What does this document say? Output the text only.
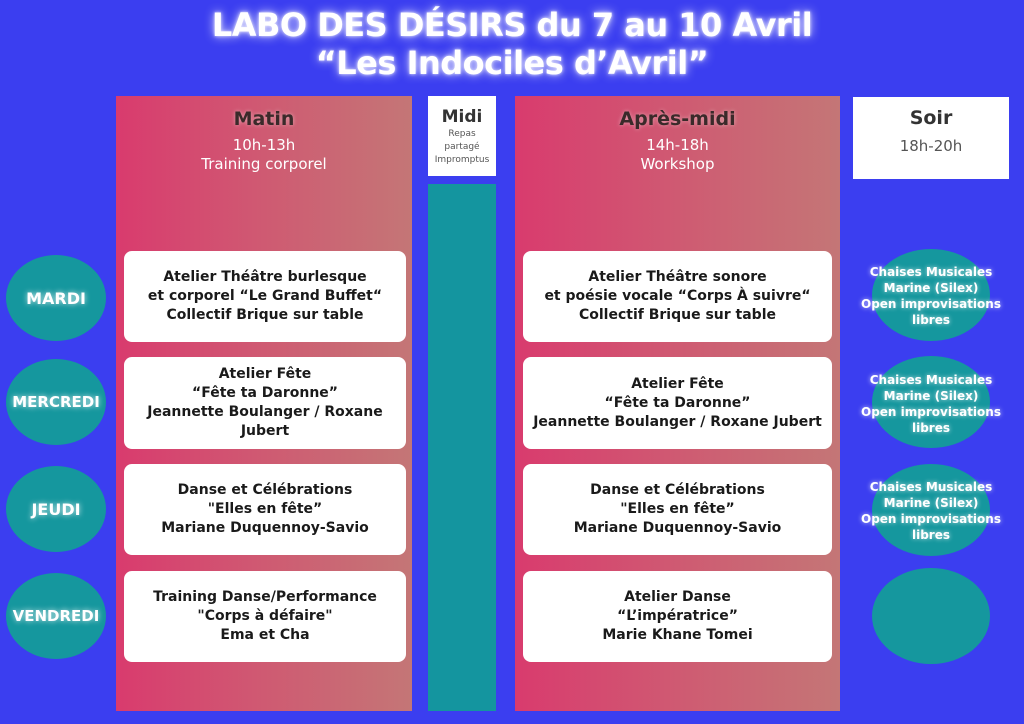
LABO DES DÉSIRS du 7 au 10 Avril
“Les Indociles d’Avril”
Matin
10h-13h
Training corporel
Midi
Repas
partagé
Impromptus
Après-midi
14h-18h
Workshop
Soir
18h-20h
MARDI
MERCREDI
JEUDI
VENDREDI
Atelier Théâtre burlesque
et corporel “Le Grand Buffet“
Collectif Brique sur table
Atelier Fête
“Fête ta Daronne”
Jeannette Boulanger / Roxane
Jubert
Danse et Célébrations
"Elles en fête”
Mariane Duquennoy-Savio
Training Danse/Performance
"Corps à défaire"
Ema et Cha
Atelier Théâtre sonore
et poésie vocale “Corps À suivre“
Collectif Brique sur table
Atelier Fête
“Fête ta Daronne”
Jeannette Boulanger / Roxane Jubert
Danse et Célébrations
"Elles en fête”
Mariane Duquennoy-Savio
Atelier Danse
“L’impératrice”
Marie Khane Tomei
Chaises Musicales
Marine (Silex)
Open improvisations
libres
Chaises Musicales
Marine (Silex)
Open improvisations
libres
Chaises Musicales
Marine (Silex)
Open improvisations
libres
